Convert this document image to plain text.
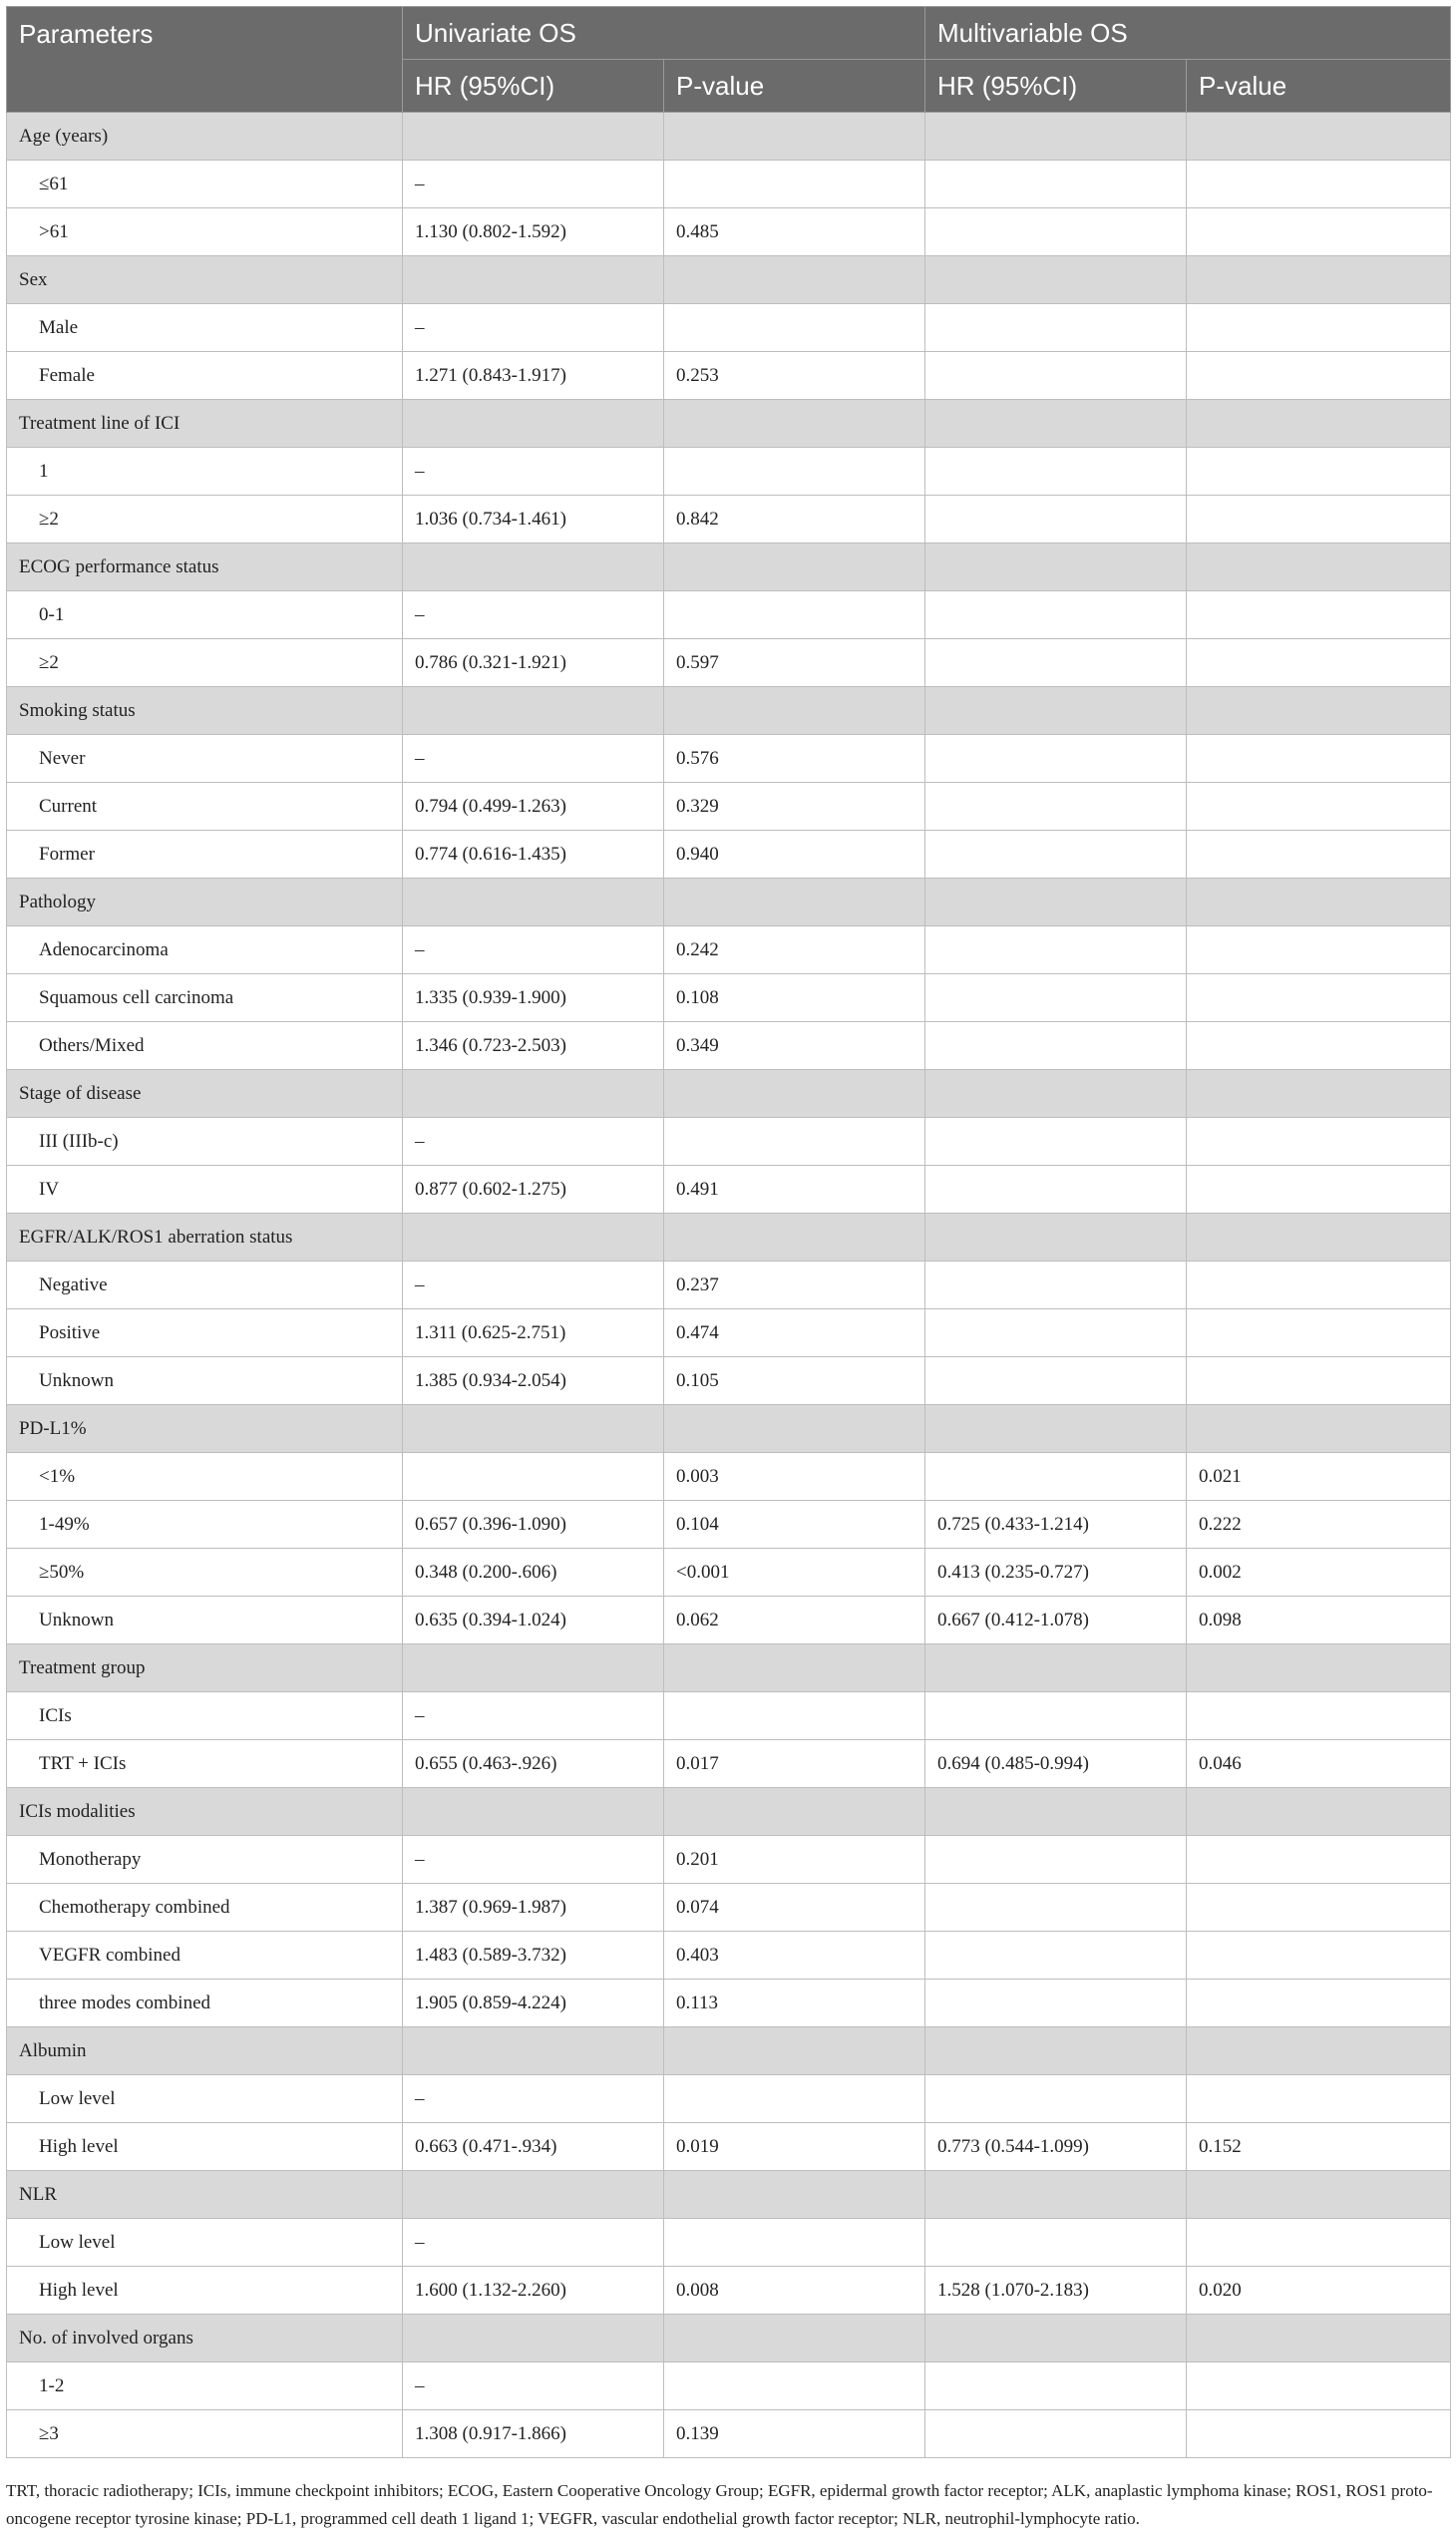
Parameters	Univariate OS		Multivariable OS	
	HR (95%CI)	P-value	HR (95%CI)	P-value
Age (years)				
≤61	–			
>61	1.130 (0.802-1.592)	0.485		
Sex				
Male	–			
Female	1.271 (0.843-1.917)	0.253		
Treatment line of ICI				
1	–			
≥2	1.036 (0.734-1.461)	0.842		
ECOG performance status				
0-1	–			
≥2	0.786 (0.321-1.921)	0.597		
Smoking status				
Never	–	0.576		
Current	0.794 (0.499-1.263)	0.329		
Former	0.774 (0.616-1.435)	0.940		
Pathology				
Adenocarcinoma	–	0.242		
Squamous cell carcinoma	1.335 (0.939-1.900)	0.108		
Others/Mixed	1.346 (0.723-2.503)	0.349		
Stage of disease				
III (IIIb-c)	–			
IV	0.877 (0.602-1.275)	0.491		
EGFR/ALK/ROS1 aberration status				
Negative	–	0.237		
Positive	1.311 (0.625-2.751)	0.474		
Unknown	1.385 (0.934-2.054)	0.105		
PD-L1%				
<1%		0.003		0.021
1-49%	0.657 (0.396-1.090)	0.104	0.725 (0.433-1.214)	0.222
≥50%	0.348 (0.200-.606)	<0.001	0.413 (0.235-0.727)	0.002
Unknown	0.635 (0.394-1.024)	0.062	0.667 (0.412-1.078)	0.098
Treatment group				
ICIs	–			
TRT + ICIs	0.655 (0.463-.926)	0.017	0.694 (0.485-0.994)	0.046
ICIs modalities				
Monotherapy	–	0.201		
Chemotherapy combined	1.387 (0.969-1.987)	0.074		
VEGFR combined	1.483 (0.589-3.732)	0.403		
three modes combined	1.905 (0.859-4.224)	0.113		
Albumin				
Low level	–			
High level	0.663 (0.471-.934)	0.019	0.773 (0.544-1.099)	0.152
NLR				
Low level	–			
High level	1.600 (1.132-2.260)	0.008	1.528 (1.070-2.183)	0.020
No. of involved organs				
1-2	–			
≥3	1.308 (0.917-1.866)	0.139		
TRT, thoracic radiotherapy; ICIs, immune checkpoint inhibitors; ECOG, Eastern Cooperative Oncology Group; EGFR, epidermal growth factor receptor; ALK, anaplastic lymphoma kinase; ROS1, ROS1 proto-oncogene receptor tyrosine kinase; PD-L1, programmed cell death 1 ligand 1; VEGFR, vascular endothelial growth factor receptor; NLR, neutrophil-lymphocyte ratio.
